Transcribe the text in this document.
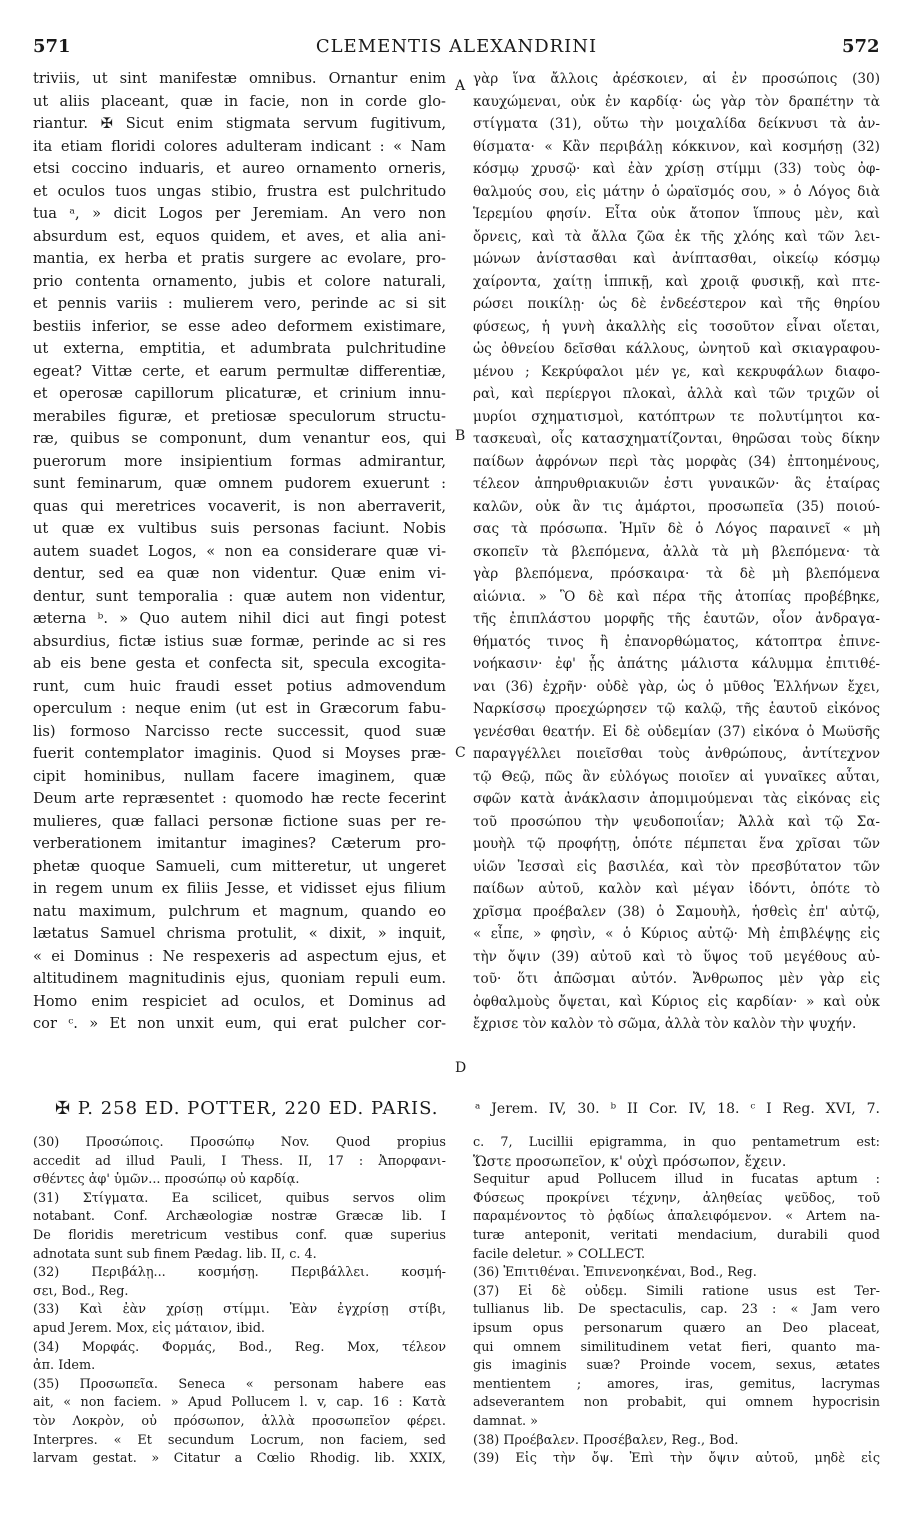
571	CLEMENTIS ALEXANDRINI	572
triviis, ut sint manifestæ omnibus. Ornantur enim
ut aliis placeant, quæ in facie, non in corde glo-
riantur. ✠ Sicut enim stigmata servum fugitivum,
ita etiam floridi colores adulteram indicant : « Nam
etsi coccino induaris, et aureo ornamento orneris,
et oculos tuos ungas stibio, frustra est pulchritudo
tua ᵃ, » dicit Logos per Jeremiam. An vero non
absurdum est, equos quidem, et aves, et alia ani-
mantia, ex herba et pratis surgere ac evolare, pro-
prio contenta ornamento, jubis et colore naturali,
et pennis variis : mulierem vero, perinde ac si sit
bestiis inferior, se esse adeo deformem existimare,
ut externa, emptitia, et adumbrata pulchritudine
egeat? Vittæ certe, et earum permultæ differentiæ,
et operosæ capillorum plicaturæ, et crinium innu-
merabiles figuræ, et pretiosæ speculorum structu-
ræ, quibus se componunt, dum venantur eos, qui
puerorum more insipientium formas admirantur,
sunt feminarum, quæ omnem pudorem exuerunt :
quas qui meretrices vocaverit, is non aberraverit,
ut quæ ex vultibus suis personas faciunt. Nobis
autem suadet Logos, « non ea considerare quæ vi-
dentur, sed ea quæ non videntur. Quæ enim vi-
dentur, sunt temporalia : quæ autem non videntur,
æterna ᵇ. » Quo autem nihil dici aut fingi potest
absurdius, fictæ istius suæ formæ, perinde ac si res
ab eis bene gesta et confecta sit, specula excogita-
runt, cum huic fraudi esset potius admovendum
operculum : neque enim (ut est in Græcorum fabu-
lis) formoso Narcisso recte successit, quod suæ
fuerit contemplator imaginis. Quod si Moyses præ-
cipit hominibus, nullam facere imaginem, quæ
Deum arte repræsentet : quomodo hæ recte fecerint
mulieres, quæ fallaci personæ fictione suas per re-
verberationem imitantur imagines? Cæterum pro-
phetæ quoque Samueli, cum mitteretur, ut ungeret
in regem unum ex filiis Jesse, et vidisset ejus filium
natu maximum, pulchrum et magnum, quando eo
lætatus Samuel chrisma protulit, « dixit, » inquit,
« ei Dominus : Ne respexeris ad aspectum ejus, et
altitudinem magnitudinis ejus, quoniam repuli eum.
Homo enim respiciet ad oculos, et Dominus ad
cor ᶜ. » Et non unxit eum, qui erat pulcher cor-
γὰρ ἵνα ἄλλοις ἀρέσκοιεν, αἱ ἐν προσώποις (30)
καυχώμεναι, οὐκ ἐν καρδίᾳ· ὡς γὰρ τὸν δραπέτην τὰ
στίγματα (31), οὕτω τὴν μοιχαλίδα δείκνυσι τὰ ἀν-
θίσματα· « Κἂν περιβάλῃ κόκκινον, καὶ κοσμήσῃ (32)
κόσμῳ χρυσῷ· καὶ ἐὰν χρίσῃ στίμμι (33) τοὺς ὀφ-
θαλμούς σου, εἰς μάτην ὁ ὡραϊσμός σου, » ὁ Λόγος διὰ
Ἱερεμίου φησίν. Εἶτα οὐκ ἄτοπον ἵππους μὲν, καὶ
ὄρνεις, καὶ τὰ ἄλλα ζῶα ἐκ τῆς χλόης καὶ τῶν λει-
μώνων ἀνίστασθαι καὶ ἀνίπτασθαι, οἰκείῳ κόσμῳ
χαίροντα, χαίτῃ ἱππικῇ, καὶ χροιᾷ φυσικῇ, καὶ πτε-
ρώσει ποικίλῃ· ὡς δὲ ἐνδεέστερον καὶ τῆς θηρίου
φύσεως, ἡ γυνὴ ἀκαλλὴς εἰς τοσοῦτον εἶναι οἴεται,
ὡς ὀθνείου δεῖσθαι κάλλους, ὠνητοῦ καὶ σκιαγραφου-
μένου ; Κεκρύφαλοι μέν γε, καὶ κεκρυφάλων διαφο-
ραὶ, καὶ περίεργοι πλοκαὶ, ἀλλὰ καὶ τῶν τριχῶν οἱ
μυρίοι σχηματισμοὶ, κατόπτρων τε πολυτίμητοι κα-
τασκευαὶ, οἷς κατασχηματίζονται, θηρῶσαι τοὺς δίκην
παίδων ἀφρόνων περὶ τὰς μορφὰς (34) ἐπτοημένους,
τέλεον ἀπηρυθριακυιῶν ἐστι γυναικῶν· ἃς ἑταίρας
καλῶν, οὐκ ἂν τις ἁμάρτοι, προσωπεῖα (35) ποιού-
σας τὰ πρόσωπα. Ἡμῖν δὲ ὁ Λόγος παραινεῖ « μὴ
σκοπεῖν τὰ βλεπόμενα, ἀλλὰ τὰ μὴ βλεπόμενα· τὰ
γὰρ βλεπόμενα, πρόσκαιρα· τὰ δὲ μὴ βλεπόμενα
αἰώνια. » Ὃ δὲ καὶ πέρα τῆς ἀτοπίας προβέβηκε,
τῆς ἐπιπλάστου μορφῆς τῆς ἑαυτῶν, οἷον ἀνδραγα-
θήματός τινος ἢ ἐπανορθώματος, κάτοπτρα ἐπινε-
νοήκασιν· ἐφ' ᾗς ἀπάτης μάλιστα κάλυμμα ἐπιτιθέ-
ναι (36) ἐχρῆν· οὐδὲ γὰρ, ὡς ὁ μῦθος Ἑλλήνων ἔχει,
Ναρκίσσῳ προεχώρησεν τῷ καλῷ, τῆς ἑαυτοῦ εἰκόνος
γενέσθαι θεατήν. Εἰ δὲ οὐδεμίαν (37) εἰκόνα ὁ Μωϋσῆς
παραγγέλλει ποιεῖσθαι τοὺς ἀνθρώπους, ἀντίτεχνον
τῷ Θεῷ, πῶς ἂν εὐλόγως ποιοῖεν αἱ γυναῖκες αὗται,
σφῶν κατὰ ἀνάκλασιν ἀπομιμούμεναι τὰς εἰκόνας εἰς
τοῦ προσώπου τὴν ψευδοποιΐαν; Ἀλλὰ καὶ τῷ Σα-
μουὴλ τῷ προφήτῃ, ὁπότε πέμπεται ἕνα χρῖσαι τῶν
υἱῶν Ἰεσσαὶ εἰς βασιλέα, καὶ τὸν πρεσβύτατον τῶν
παίδων αὐτοῦ, καλὸν καὶ μέγαν ἰδόντι, ὁπότε τὸ
χρῖσμα προέβαλεν (38) ὁ Σαμουὴλ, ἡσθεὶς ἐπ' αὐτῷ,
« εἶπε, » φησὶν, « ὁ Κύριος αὐτῷ· Μὴ ἐπιβλέψῃς εἰς
τὴν ὄψιν (39) αὐτοῦ καὶ τὸ ὕψος τοῦ μεγέθους αὐ-
τοῦ· ὅτι ἀπῶσμαι αὐτόν. Ἄνθρωπος μὲν γὰρ εἰς
ὀφθαλμοὺς ὄψεται, καὶ Κύριος εἰς καρδίαν· » καὶ οὐκ
ἔχρισε τὸν καλὸν τὸ σῶμα, ἀλλὰ τὸν καλὸν τὴν ψυχήν.
A
B
C
D
✠ P. 258 ED. POTTER, 220 ED. PARIS.	ᵃ Jerem. IV, 30. ᵇ II Cor. IV, 18. ᶜ I Reg. XVI, 7.
(30) Προσώποις. Προσώπῳ Nov. Quod propius
accedit ad illud Pauli, I Thess. II, 17 : Ἀπορφανι-
σθέντες ἀφ' ὑμῶν... προσώπῳ οὐ καρδίᾳ.
(31) Στίγματα. Ea scilicet, quibus servos olim
notabant. Conf. Archæologiæ nostræ Græcæ lib. I
De floridis meretricum vestibus conf. quæ superius
adnotata sunt sub finem Pædag. lib. II, c. 4.
(32) Περιβάλῃ... κοσμήσῃ. Περιβάλλει. κοσμή-
σει, Bod., Reg.
(33) Καὶ ἐὰν χρίσῃ στίμμι. Ἐὰν ἐγχρίσῃ στίβι,
apud Jerem. Mox, εἰς μάταιον, ibid.
(34) Μορφάς. Φορμάς, Bod., Reg. Mox, τέλεον
ἀπ. Idem.
(35) Προσωπεῖα. Seneca « personam habere eas
ait, « non faciem. » Apud Pollucem l. v, cap. 16 : Κατὰ
τὸν Λοκρὸν, οὐ πρόσωπον, ἀλλὰ προσωπεῖον φέρει.
Interpres. « Et secundum Locrum, non faciem, sed
larvam gestat. » Citatur a Cœlio Rhodig. lib. XXIX,
c. 7, Lucillii epigramma, in quo pentametrum est:
Ὥστε προσωπεῖον, κ' οὐχὶ πρόσωπον, ἔχειν.
Sequitur apud Pollucem illud in fucatas aptum :
Φύσεως προκρίνει τέχνην, ἀληθείας ψεῦδος, τοῦ
παραμένοντος τὸ ῥᾳδίως ἀπαλειφόμενον. « Artem na-
turæ anteponit, veritati mendacium, durabili quod
facile deletur. » COLLECT.
(36) Ἐπιτιθέναι. Ἐπινενοηκέναι, Bod., Reg.
(37) Εἰ δὲ οὐδεμ. Simili ratione usus est Ter-
tullianus lib. De spectaculis, cap. 23 : « Jam vero
ipsum opus personarum quæro an Deo placeat,
qui omnem similitudinem vetat fieri, quanto ma-
gis imaginis suæ? Proinde vocem, sexus, ætates
mentientem ; amores, iras, gemitus, lacrymas
adseverantem non probabit, qui omnem hypocrisin
damnat. »
(38) Προέβαλεν. Προσέβαλεν, Reg., Bod.
(39) Εἰς τὴν ὄψ. Ἐπὶ τὴν ὄψιν αὐτοῦ, μηδὲ εἰς
